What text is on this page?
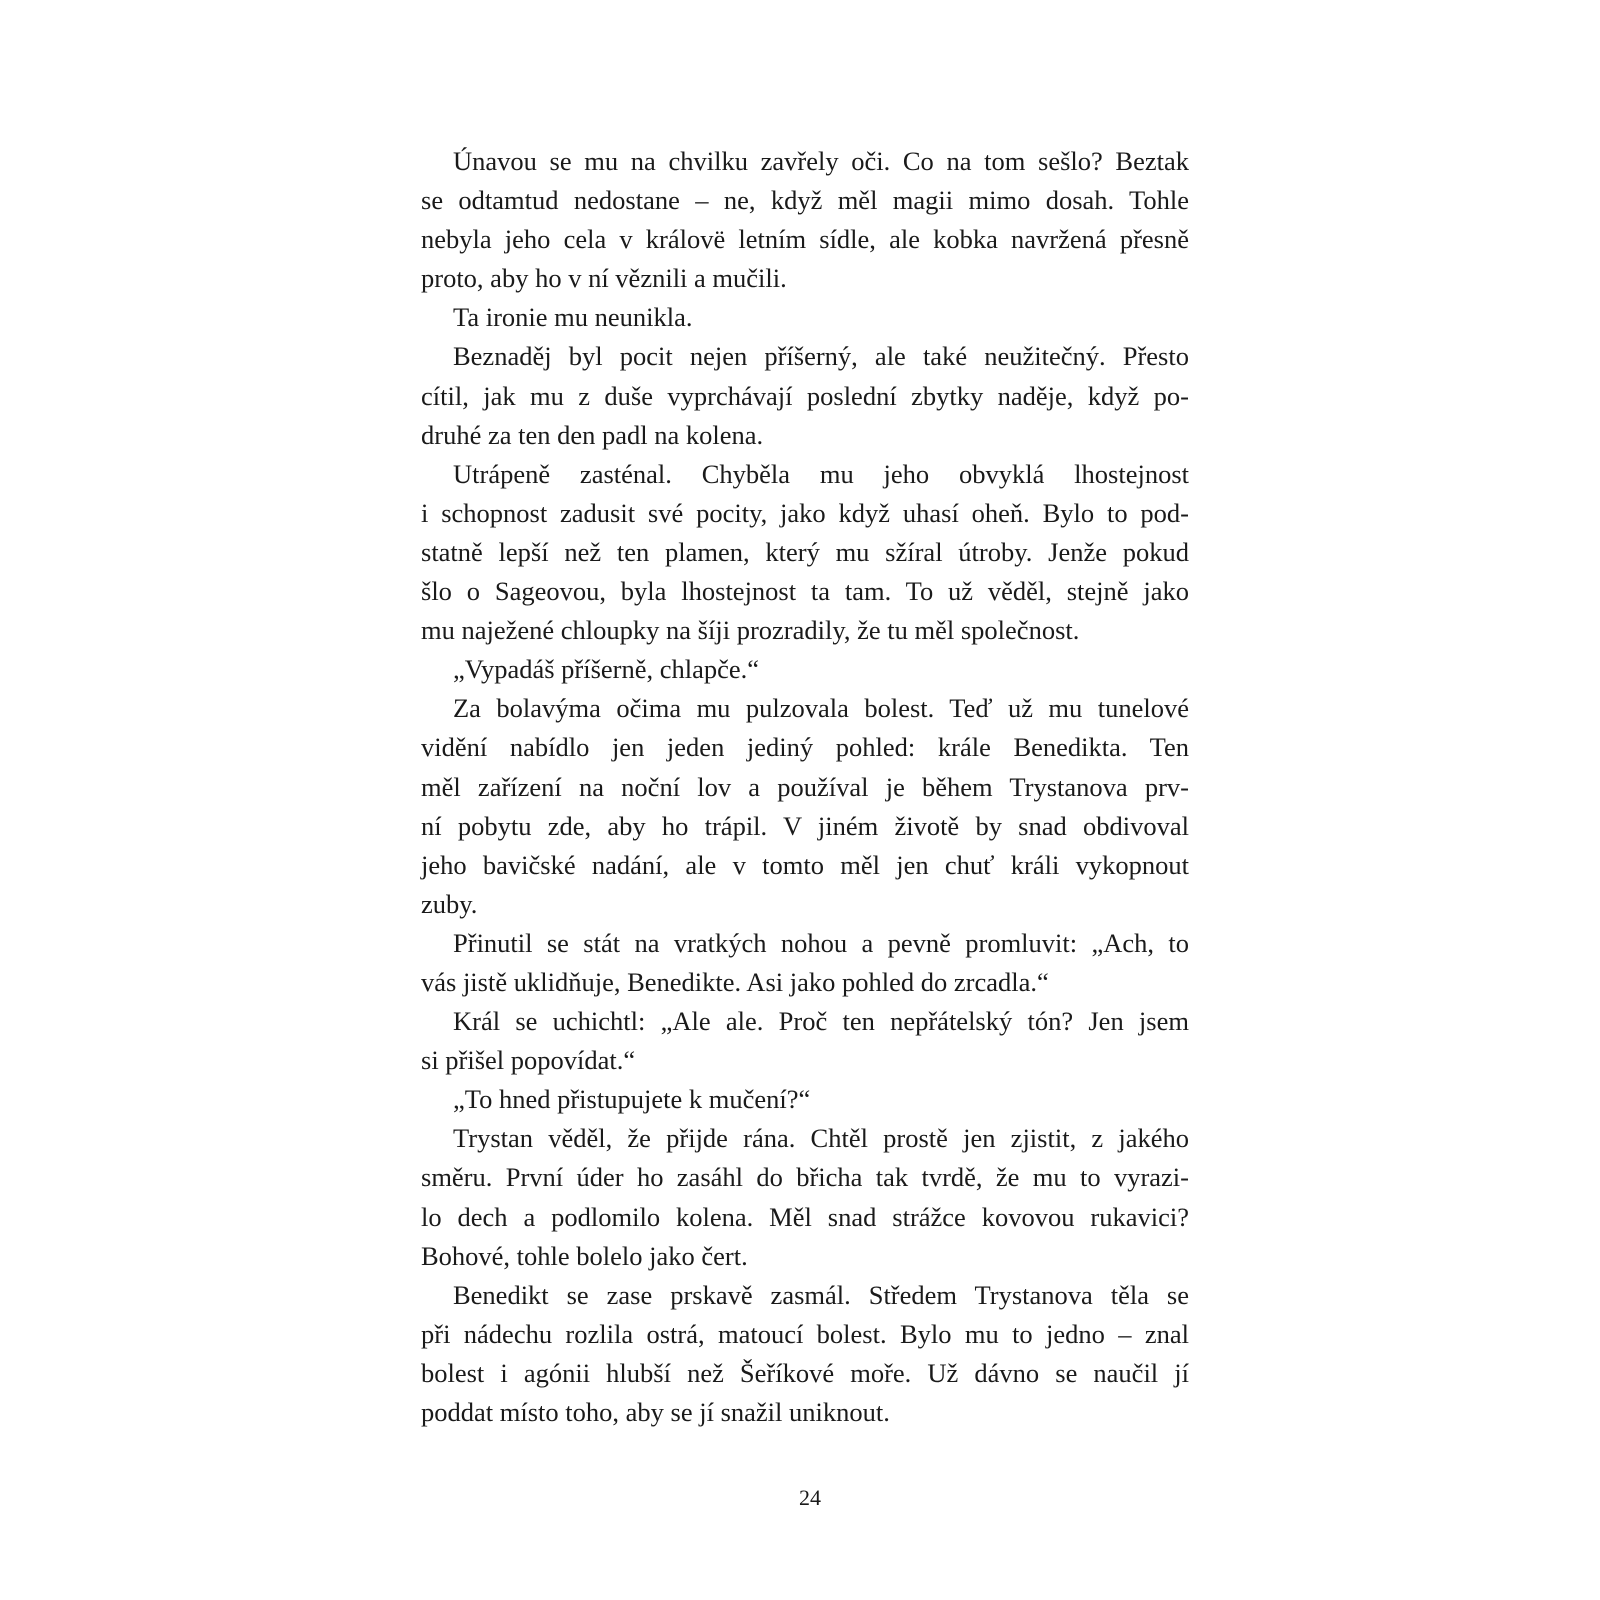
Únavou se mu na chvilku zavřely oči. Co na tom sešlo? Beztak
se odtamtud nedostane – ne, když měl magii mimo dosah. Tohle
nebyla jeho cela v královë letním sídle, ale kobka navržená přesně
proto, aby ho v ní věznili a mučili.
Ta ironie mu neunikla.
Beznaděj byl pocit nejen příšerný, ale také neužitečný. Přesto
cítil, jak mu z duše vyprchávají poslední zbytky naděje, když po-
druhé za ten den padl na kolena.
Utrápeně zasténal. Chyběla mu jeho obvyklá lhostejnost
i schopnost zadusit své pocity, jako když uhasí oheň. Bylo to pod-
statně lepší než ten plamen, který mu sžíral útroby. Jenže pokud
šlo o Sageovou, byla lhostejnost ta tam. To už věděl, stejně jako
mu naježené chloupky na šíji prozradily, že tu měl společnost.
„Vypadáš příšerně, chlapče.“
Za bolavýma očima mu pulzovala bolest. Teď už mu tunelové
vidění nabídlo jen jeden jediný pohled: krále Benedikta. Ten
měl zařízení na noční lov a používal je během Trystanova prv-
ní pobytu zde, aby ho trápil. V jiném životě by snad obdivoval
jeho bavičské nadání, ale v tomto měl jen chuť králi vykopnout
zuby.
Přinutil se stát na vratkých nohou a pevně promluvit: „Ach, to
vás jistě uklidňuje, Benedikte. Asi jako pohled do zrcadla.“
Král se uchichtl: „Ale ale. Proč ten nepřátelský tón? Jen jsem
si přišel popovídat.“
„To hned přistupujete k mučení?“
Trystan věděl, že přijde rána. Chtěl prostě jen zjistit, z jakého
směru. První úder ho zasáhl do břicha tak tvrdě, že mu to vyrazi-
lo dech a podlomilo kolena. Měl snad strážce kovovou rukavici?
Bohové, tohle bolelo jako čert.
Benedikt se zase prskavě zasmál. Středem Trystanova těla se
při nádechu rozlila ostrá, matoucí bolest. Bylo mu to jedno – znal
bolest i agónii hlubší než Šeříkové moře. Už dávno se naučil jí
poddat místo toho, aby se jí snažil uniknout.
24
